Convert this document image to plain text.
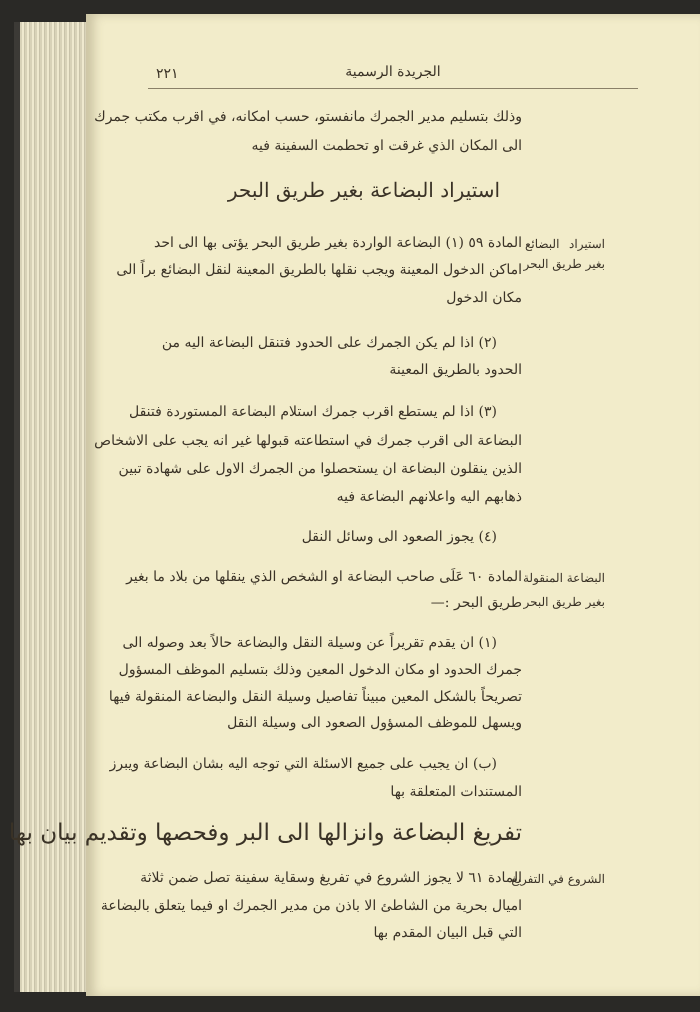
٢٢١	الجريدة الرسمية
وذلك بتسليم مدير الجمرك مانفستو، حسب امكانه، في اقرب مكتب جمرك
الى المكان الذي غرقت او تحطمت السفينة فيه
استيراد البضاعة بغير طريق البحر
استيراد البضائع
بغير طريق البحر
المادة ٥٩ (١) البضاعة الواردة بغير طريق البحر يؤتى بها الى احد
اماكن الدخول المعينة ويجب نقلها بالطريق المعينة لنقل البضائع براً الى
مكان الدخول
(٢) اذا لم يكن الجمرك على الحدود فتنقل البضاعة اليه من
الحدود بالطريق المعينة
(٣) اذا لم يستطع اقرب جمرك استلام البضاعة المستوردة فتنقل
البضاعة الى اقرب جمرك في استطاعته قبولها غير انه يجب على الاشخاص
الذين ينقلون البضاعة ان يستحصلوا من الجمرك الاول على شهادة تبين
ذهابهم اليه واعلانهم البضاعة فيه
(٤) يجوز الصعود الى وسائل النقل
البضاعة المنقولة
بغير طريق البحر
المادة ٦٠ عَلَى صاحب البضاعة او الشخص الذي ينقلها من بلاد ما بغير
طريق البحر :—
(١) ان يقدم تقريراً عن وسيلة النقل والبضاعة حالاً بعد وصوله الى
جمرك الحدود او مكان الدخول المعين وذلك بتسليم الموظف المسؤول
تصريحاً بالشكل المعين مبيناً تفاصيل وسيلة النقل والبضاعة المنقولة فيها
ويسهل للموظف المسؤول الصعود الى وسيلة النقل
(ب) ان يجيب على جميع الاسئلة التي توجه اليه بشان البضاعة ويبرز
المستندات المتعلقة بها
تفريغ البضاعة وانزالها الى البر وفحصها وتقديم بيان بها
الشروع في التفريغ
المادة ٦١ لا يجوز الشروع في تفريغ وسقاية سفينة تصل ضمن ثلاثة
اميال بحرية من الشاطئ الا باذن من مدير الجمرك او فيما يتعلق بالبضاعة
التي قبل البيان المقدم بها
